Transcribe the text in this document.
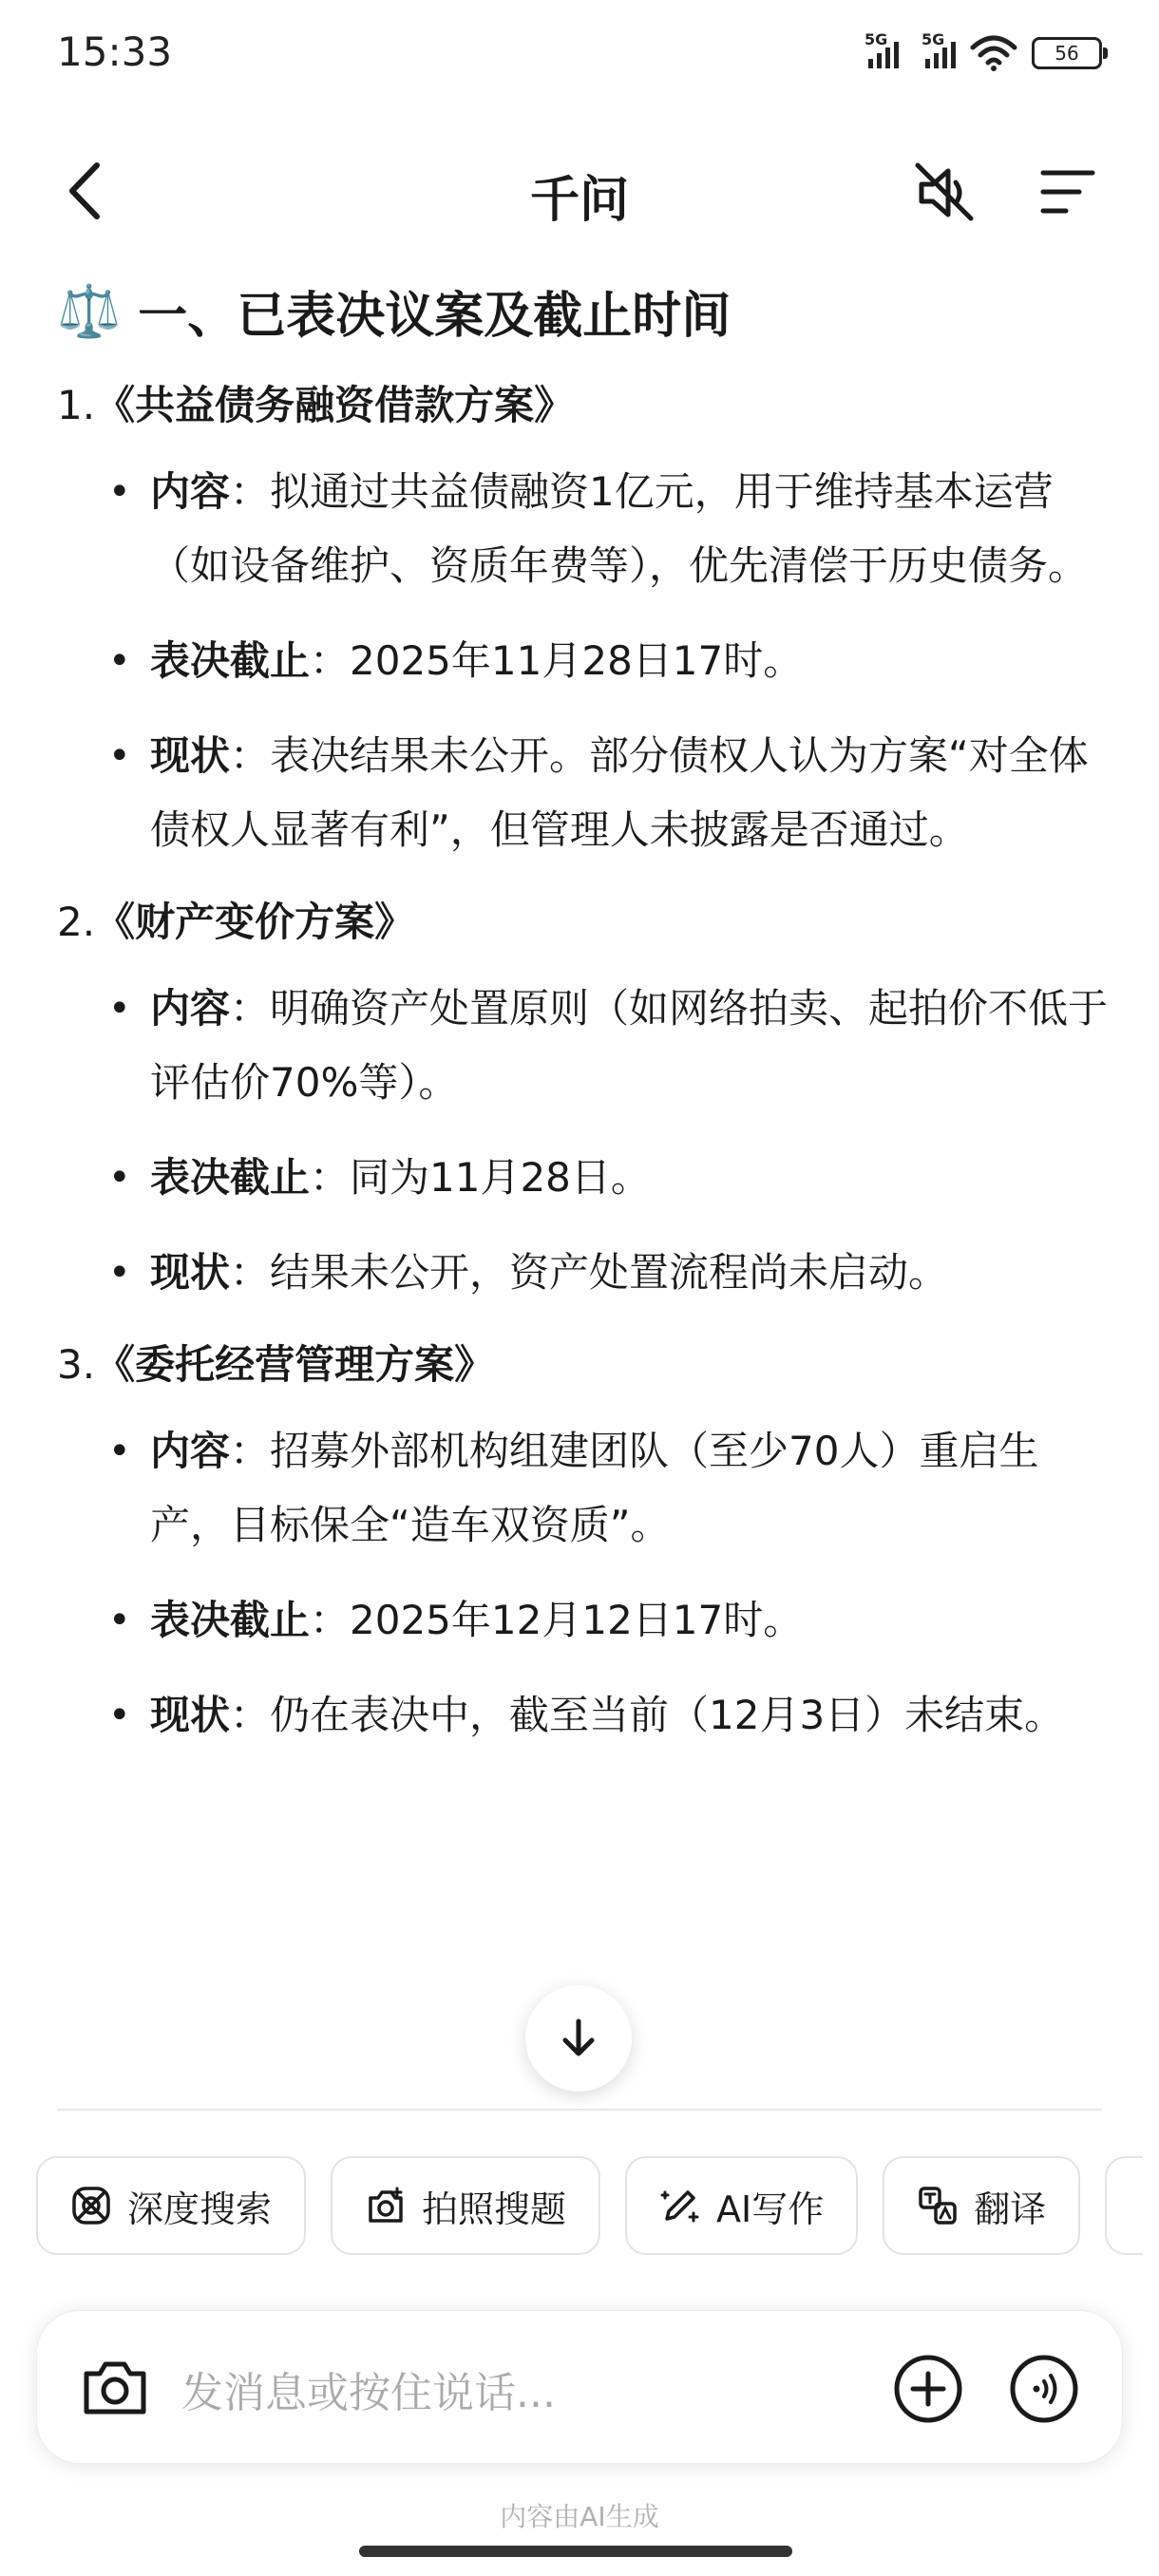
15:33	5G 5G
56
千问
⚖️ 一、已表决议案及截止时间
1.《共益债务融资借款方案》
• 内容：拟通过共益债融资1亿元，用于维持基本运营（如设备维护、资质年费等），优先清偿于历史债务。
• 表决截止：2025年11月28日17时。
• 现状：表决结果未公开。部分债权人认为方案“对全体债权人显著有利”，但管理人未披露是否通过。
2.《财产变价方案》
• 内容：明确资产处置原则（如网络拍卖、起拍价不低于评估价70%等）。
• 表决截止：同为11月28日。
• 现状：结果未公开，资产处置流程尚未启动。
3.《委托经营管理方案》
• 内容：招募外部机构组建团队（至少70人）重启生产，目标保全“造车双资质”。
• 表决截止：2025年12月12日17时。
• 现状：仍在表决中，截至当前（12月3日）未结束。
深度搜索	拍照搜题	AI写作	翻译
发消息或按住说话...
内容由AI生成
